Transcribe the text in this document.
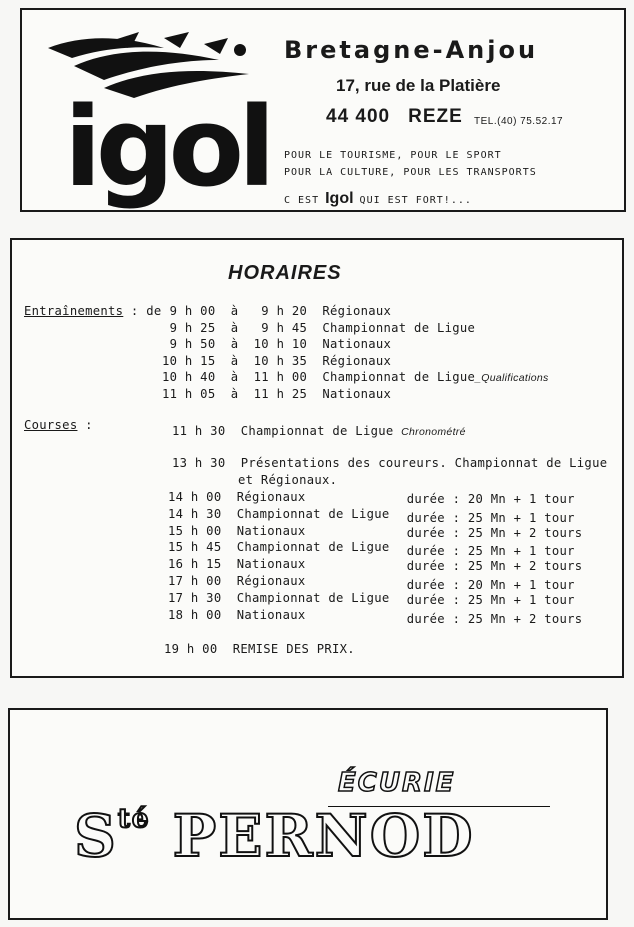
igol
Bretagne-Anjou
17, rue de la Platière
44 400 REZE TEL.(40) 75.52.17
POUR LE TOURISME, POUR LE SPORT
POUR LA CULTURE, POUR LES TRANSPORTS
C EST Igol QUI EST FORT!...
HORAIRES
Entraînements : de 9 h 00  à   9 h 20 Régionaux
9 h 25  à   9 h 45 Championnat de Ligue
9 h 50  à  10 h 10 Nationaux
10 h 15  à  10 h 35 Régionaux
10 h 40  à  11 h 00 Championnat de Ligue_Qualifications
11 h 05  à  11 h 25 Nationaux
Courses :	11 h 30 Championnat de Ligue Chronométré
13 h 30 Présentations des coureurs. Championnat de Ligue
et Régionaux.
14 h 00 Régionaux	durée : 20 Mn + 1 tour
14 h 30 Championnat de Ligue durée : 25 Mn + 1 tour
15 h 00 Nationaux	durée : 25 Mn + 2 tours
15 h 45 Championnat de Ligue durée : 25 Mn + 1 tour
16 h 15 Nationaux	durée : 25 Mn + 2 tours
17 h 00 Régionaux	durée : 20 Mn + 1 tour
17 h 30 Championnat de Ligue durée : 25 Mn + 1 tour
18 h 00 Nationaux	durée : 25 Mn + 2 tours
19 h 00 REMISE DES PRIX.
ÉCURIE
$S^{té}$ PERNOD
